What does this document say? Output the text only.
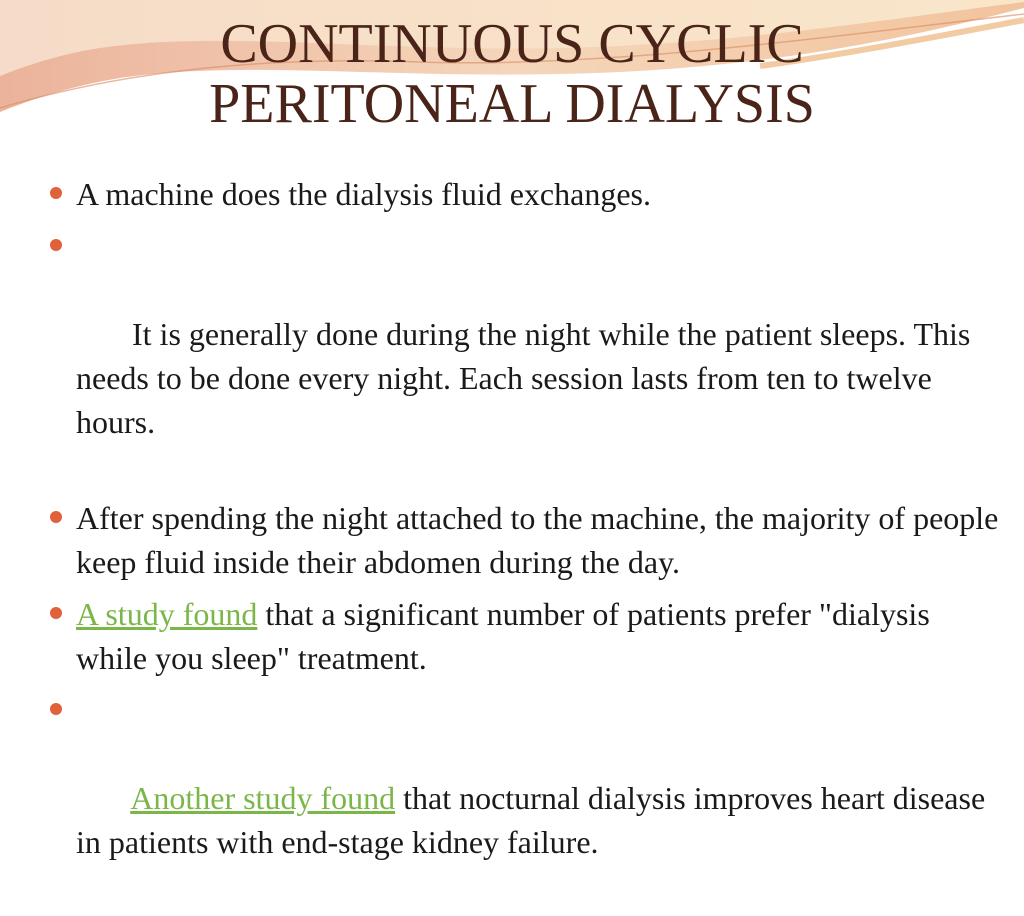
CONTINUOUS CYCLIC
PERITONEAL DIALYSIS
A machine does the dialysis fluid exchanges.

It is generally done during the night while the patient sleeps. This needs to be done every night. Each session lasts from ten to twelve hours.

After spending the night attached to the machine, the majority of people keep fluid inside their abdomen during the day.
A study found that a significant number of patients prefer "dialysis while you sleep" treatment.

Another study found that nocturnal dialysis improves heart disease in patients with end-stage kidney failure.
